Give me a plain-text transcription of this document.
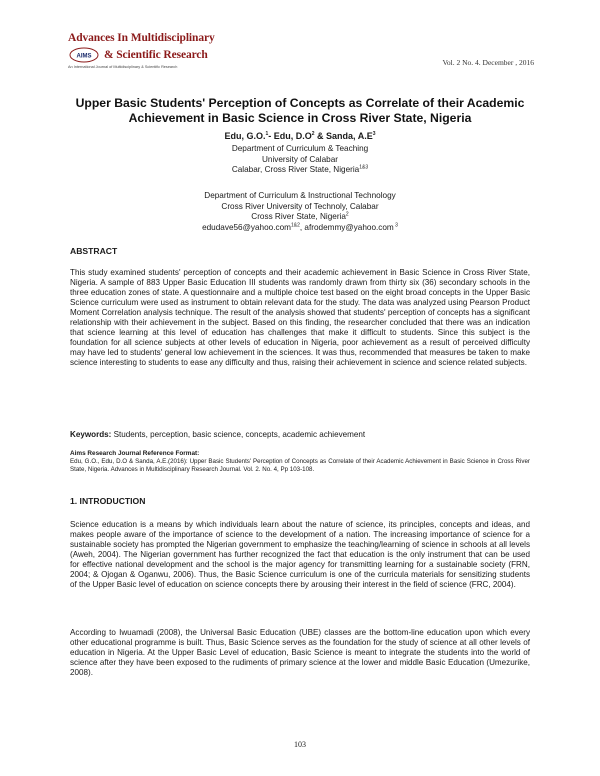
Advances In Multidisciplinary
AIMS & Scientific Research
An International Journal of Multidisciplinary & Scientific Research	Vol. 2 No. 4. December , 2016
Upper Basic Students' Perception of Concepts as Correlate of their Academic Achievement in Basic Science in Cross River State, Nigeria
Edu, G.O.$^1$- Edu, $D.O^2$ & Sanda, $A.E^3$
Department of Curriculum & Teaching
University of Calabar
Calabar, Cross River State, Nigeria$^{1\&3}$
Department of Curriculum & Instructional Technology
Cross River University of Technoly, Calabar
Cross River State, Nigeria$^2$
edudave56@yahoo.com$^{1\&2}$, afrodemmy@yahoo.com $^3$
ABSTRACT
This study examined students' perception of concepts and their academic achievement in Basic Science in Cross River State, Nigeria. A sample of 883 Upper Basic Education III students was randomly drawn from thirty six (36) secondary schools in the three education zones of state. A questionnaire and a multiple choice test based on the eight broad concepts in the Upper Basic Science curriculum were used as instrument to obtain relevant data for the study. The data was analyzed using Pearson Product Moment Correlation analysis technique. The result of the analysis showed that students' perception of concepts has a significant relationship with their achievement in the subject. Based on this finding, the researcher concluded that there was an indication that science learning at this level of education has challenges that make it difficult to students. Since this subject is the foundation for all science subjects at other levels of education in Nigeria, poor achievement as a result of perceived difficulty may have led to students' general low achievement in the sciences. It was thus, recommended that measures be taken to make science interesting to students to ease any difficulty and thus, raising their achievement in science and science related subjects.
Keywords: Students, perception, basic science, concepts, academic achievement
Aims Research Journal Reference Format:
Edu, G.O., Edu, D.O & Sanda, A.E.(2016): Upper Basic Students' Perception of Concepts as Correlate of their Academic Achievement in Basic Science in Cross River State, Nigeria. Advances in Multidisciplinary Research Journal. Vol. 2. No. 4, Pp 103-108.
1. INTRODUCTION
Science education is a means by which individuals learn about the nature of science, its principles, concepts and ideas, and makes people aware of the importance of science to the development of a nation. The increasing importance of science for a sustainable society has prompted the Nigerian government to emphasize the teaching/learning of science in schools at all levels (Aweh, 2004). The Nigerian government has further recognized the fact that education is the only instrument that can be used for effective national development and the school is the major agency for transmitting learning for a sustainable society (FRN, 2004; & Ojogan & Oganwu, 2006). Thus, the Basic Science curriculum is one of the curricula materials for sensitizing students of the Upper Basic level of education on science concepts there by arousing their interest in the field of science (FRC, 2004).
According to Iwuamadi (2008), the Universal Basic Education (UBE) classes are the bottom-line education upon which every other educational programme is built. Thus, Basic Science serves as the foundation for the study of science at all other levels of education in Nigeria. At the Upper Basic Level of education, Basic Science is meant to integrate the students into the world of science after they have been exposed to the rudiments of primary science at the lower and middle Basic Education (Umezurike, 2008).
103
